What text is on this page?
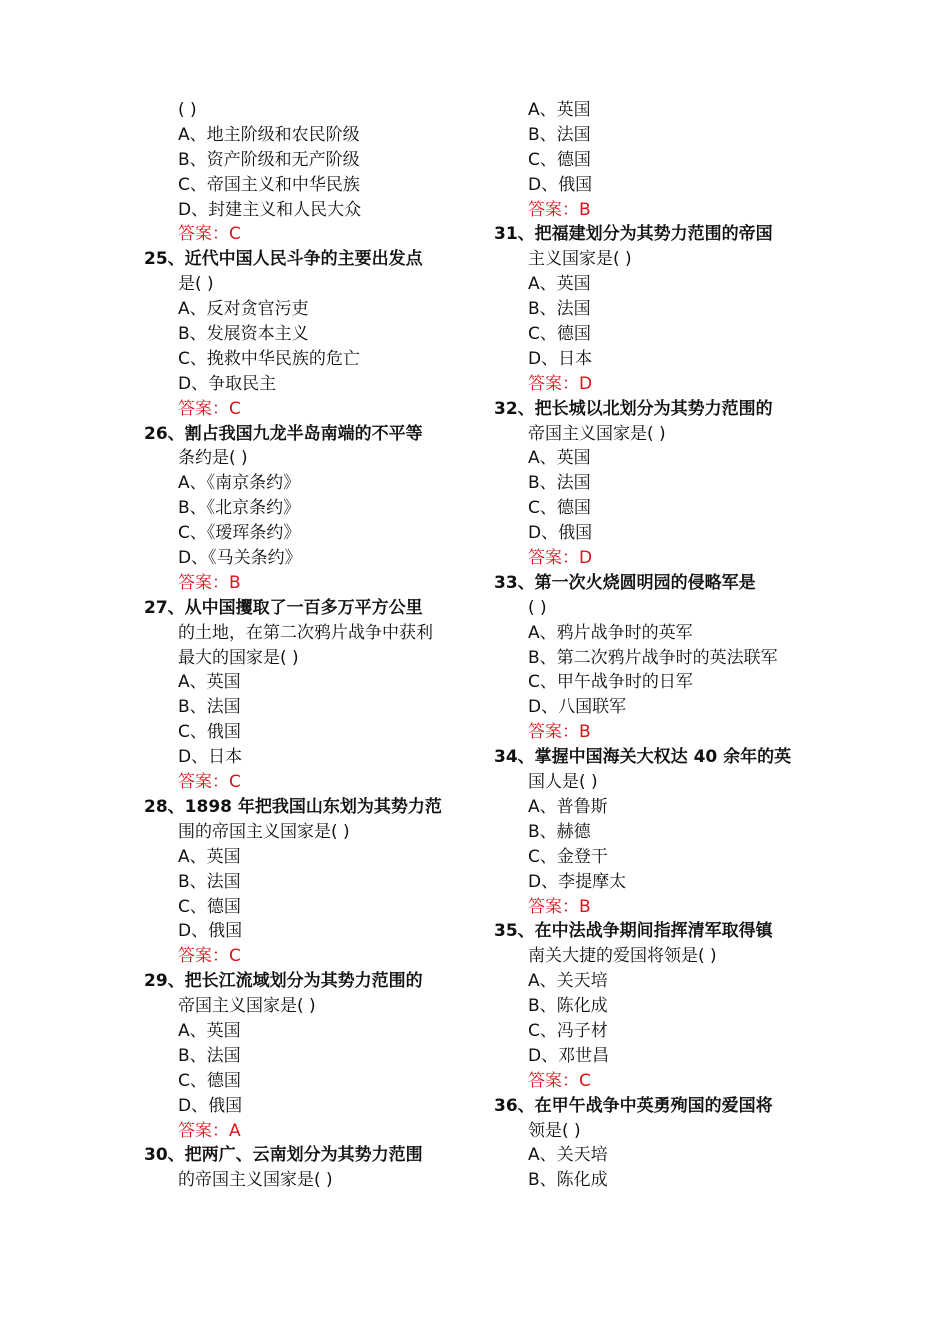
( )
A、地主阶级和农民阶级
B、资产阶级和无产阶级
C、帝国主义和中华民族
D、封建主义和人民大众
答案：C
25、近代中国人民斗争的主要出发点
是( )
A、反对贪官污吏
B、发展资本主义
C、挽救中华民族的危亡
D、争取民主
答案：C
26、割占我国九龙半岛南端的不平等
条约是( )
A、《南京条约》
B、《北京条约》
C、《瑷珲条约》
D、《马关条约》
答案：B
27、从中国攫取了一百多万平方公里
的土地，在第二次鸦片战争中获利
最大的国家是( )
A、英国
B、法国
C、俄国
D、日本
答案：C
28、1898 年把我国山东划为其势力范
围的帝国主义国家是( )
A、英国
B、法国
C、德国
D、俄国
答案：C
29、把长江流域划分为其势力范围的
帝国主义国家是( )
A、英国
B、法国
C、德国
D、俄国
答案：A
30、把两广、云南划分为其势力范围
的帝国主义国家是( )
A、英国
B、法国
C、德国
D、俄国
答案：B
31、把福建划分为其势力范围的帝国
主义国家是( )
A、英国
B、法国
C、德国
D、日本
答案：D
32、把长城以北划分为其势力范围的
帝国主义国家是( )
A、英国
B、法国
C、德国
D、俄国
答案：D
33、第一次火烧圆明园的侵略军是
( )
A、鸦片战争时的英军
B、第二次鸦片战争时的英法联军
C、甲午战争时的日军
D、八国联军
答案：B
34、掌握中国海关大权达 40 余年的英
国人是( )
A、普鲁斯
B、赫德
C、金登干
D、李提摩太
答案：B
35、在中法战争期间指挥清军取得镇
南关大捷的爱国将领是( )
A、关天培
B、陈化成
C、冯子材
D、邓世昌
答案：C
36、在甲午战争中英勇殉国的爱国将
领是( )
A、关天培
B、陈化成
